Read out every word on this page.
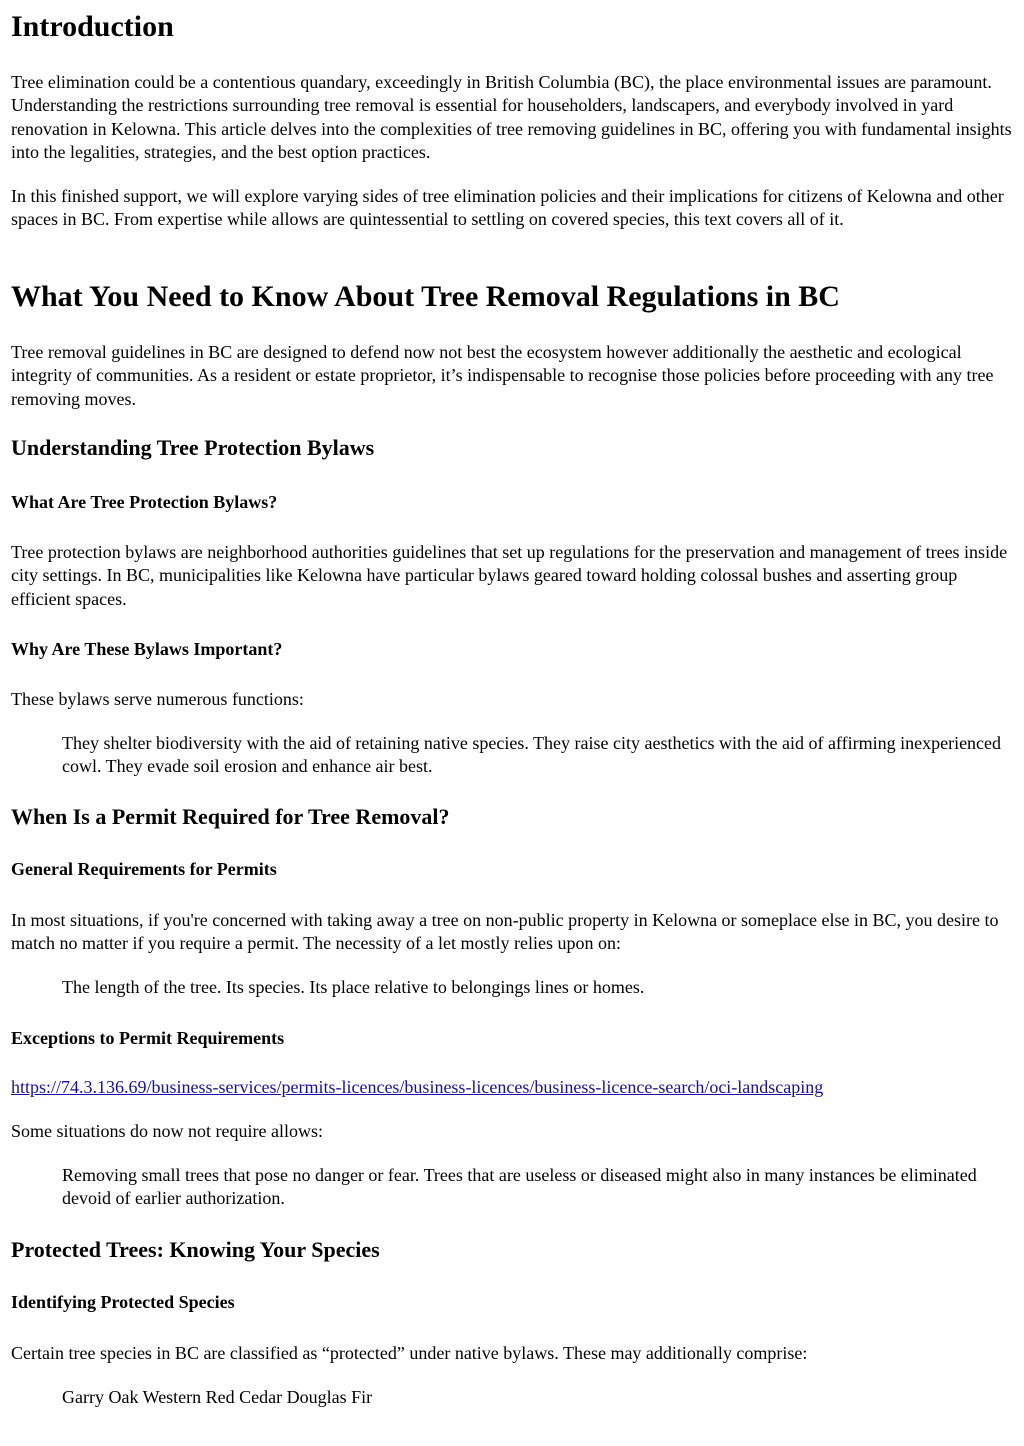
Introduction

Tree elimination could be a contentious quandary, exceedingly in British Columbia (BC), the place environmental issues are paramount. Understanding the restrictions surrounding tree removal is essential for householders, landscapers, and everybody involved in yard renovation in Kelowna. This article delves into the complexities of tree removing guidelines in BC, offering you with fundamental insights into the legalities, strategies, and the best option practices.

In this finished support, we will explore varying sides of tree elimination policies and their implications for citizens of Kelowna and other spaces in BC. From expertise while allows are quintessential to settling on covered species, this text covers all of it.

What You Need to Know About Tree Removal Regulations in BC

Tree removal guidelines in BC are designed to defend now not best the ecosystem however additionally the aesthetic and ecological integrity of communities. As a resident or estate proprietor, it’s indispensable to recognise those policies before proceeding with any tree removing moves.

Understanding Tree Protection Bylaws
What Are Tree Protection Bylaws?

Tree protection bylaws are neighborhood authorities guidelines that set up regulations for the preservation and management of trees inside city settings. In BC, municipalities like Kelowna have particular bylaws geared toward holding colossal bushes and asserting group efficient spaces.

Why Are These Bylaws Important?

These bylaws serve numerous functions:

They shelter biodiversity with the aid of retaining native species. They raise city aesthetics with the aid of affirming inexperienced cowl. They evade soil erosion and enhance air best.

When Is a Permit Required for Tree Removal?
General Requirements for Permits

In most situations, if you're concerned with taking away a tree on non-public property in Kelowna or someplace else in BC, you desire to match no matter if you require a permit. The necessity of a let mostly relies upon on:

The length of the tree. Its species. Its place relative to belongings lines or homes.

Exceptions to Permit Requirements
https://74.3.136.69/business-services/permits-licences/business-licences/business-licence-search/oci-landscaping

Some situations do now not require allows:

Removing small trees that pose no danger or fear. Trees that are useless or diseased might also in many instances be eliminated devoid of earlier authorization.

Protected Trees: Knowing Your Species
Identifying Protected Species

Certain tree species in BC are classified as “protected” under native bylaws. These may additionally comprise:

Garry Oak Western Red Cedar Douglas Fir
